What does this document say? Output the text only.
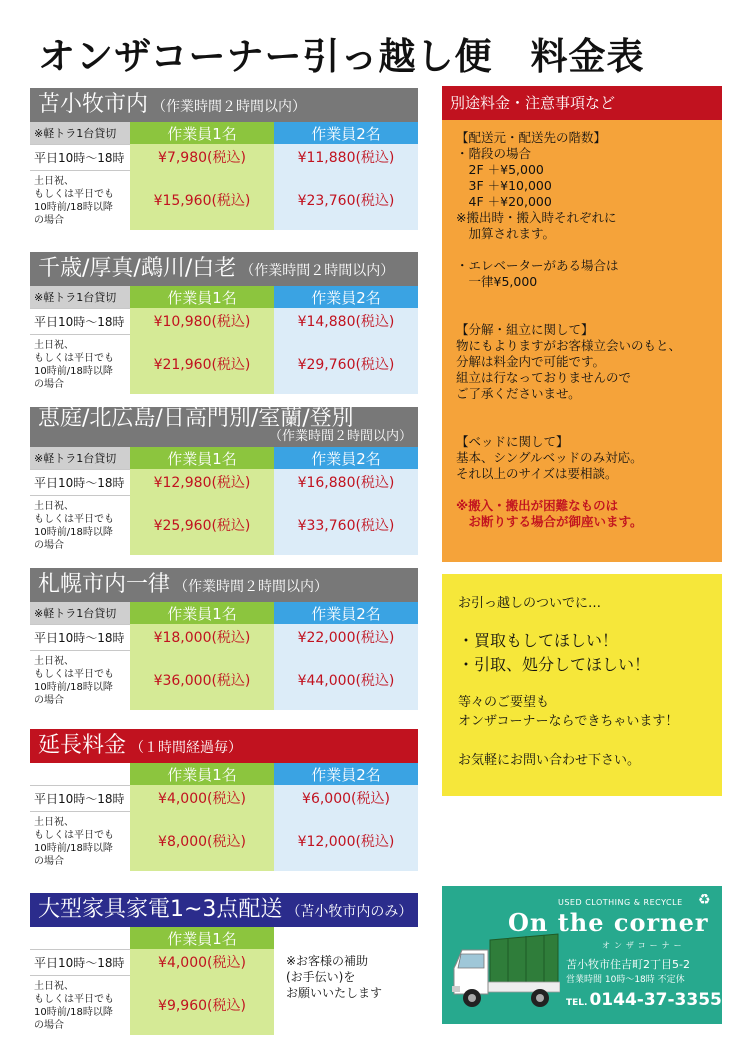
オンザコーナー引っ越し便　料金表
苫小牧市内 （作業時間２時間以内）
※軽トラ1台貸切	作業員1名	作業員2名
平日10時〜18時	¥7,980(税込)	¥11,880(税込)
土日祝、
もしくは平日でも
10時前/18時以降
の場合
¥15,960(税込)	¥23,760(税込)
千歳/厚真/鵡川/白老 （作業時間２時間以内）
※軽トラ1台貸切	作業員1名	作業員2名
平日10時〜18時	¥10,980(税込)	¥14,880(税込)
土日祝、
もしくは平日でも
10時前/18時以降
の場合
¥21,960(税込)	¥29,760(税込)
恵庭/北広島/日高門別/室蘭/登別
（作業時間２時間以内）
※軽トラ1台貸切	作業員1名	作業員2名
平日10時〜18時	¥12,980(税込)	¥16,880(税込)
土日祝、
もしくは平日でも
10時前/18時以降
の場合
¥25,960(税込)	¥33,760(税込)
札幌市内一律 （作業時間２時間以内）
※軽トラ1台貸切	作業員1名	作業員2名
平日10時〜18時	¥18,000(税込)	¥22,000(税込)
土日祝、
もしくは平日でも
10時前/18時以降
の場合
¥36,000(税込)	¥44,000(税込)
延長料金 （１時間経過毎）
作業員1名	作業員2名
平日10時〜18時	¥4,000(税込)	¥6,000(税込)
土日祝、
もしくは平日でも
10時前/18時以降
の場合
¥8,000(税込)	¥12,000(税込)
大型家具家電1~3点配送 （苫小牧市内のみ）
作業員1名
平日10時〜18時	¥4,000(税込)
土日祝、
もしくは平日でも
10時前/18時以降
の場合
¥9,960(税込)
※お客様の補助
(お手伝い)を
お願いいたします
別途料金・注意事項など
【配送元・配送先の階数】
・階段の場合
　2F ＋¥5,000
　3F ＋¥10,000
　4F ＋¥20,000
※搬出時・搬入時それぞれに
　加算されます。

・エレベーターがある場合は
　一律¥5,000

【分解・組立に関して】
物にもよりますがお客様立会いのもと、
分解は料金内で可能です。
組立は行なっておりませんので
ご了承くださいませ。

【ベッドに関して】
基本、シングルベッドのみ対応。
それ以上のサイズは要相談。

※搬入・搬出が困難なものは
　お断りする場合が御座います。
お引っ越しのついでに…
・買取もしてほしい！
・引取、処分してほしい！
等々のご要望も
オンザコーナーならできちゃいます！
お気軽にお問い合わせ下さい。
USED CLOTHING & RECYCLE ♻
On the corner
オンザコーナー
苫小牧市住吉町2丁目5-2
営業時間 10時〜18時 不定休
TEL. 0144-37-3355
